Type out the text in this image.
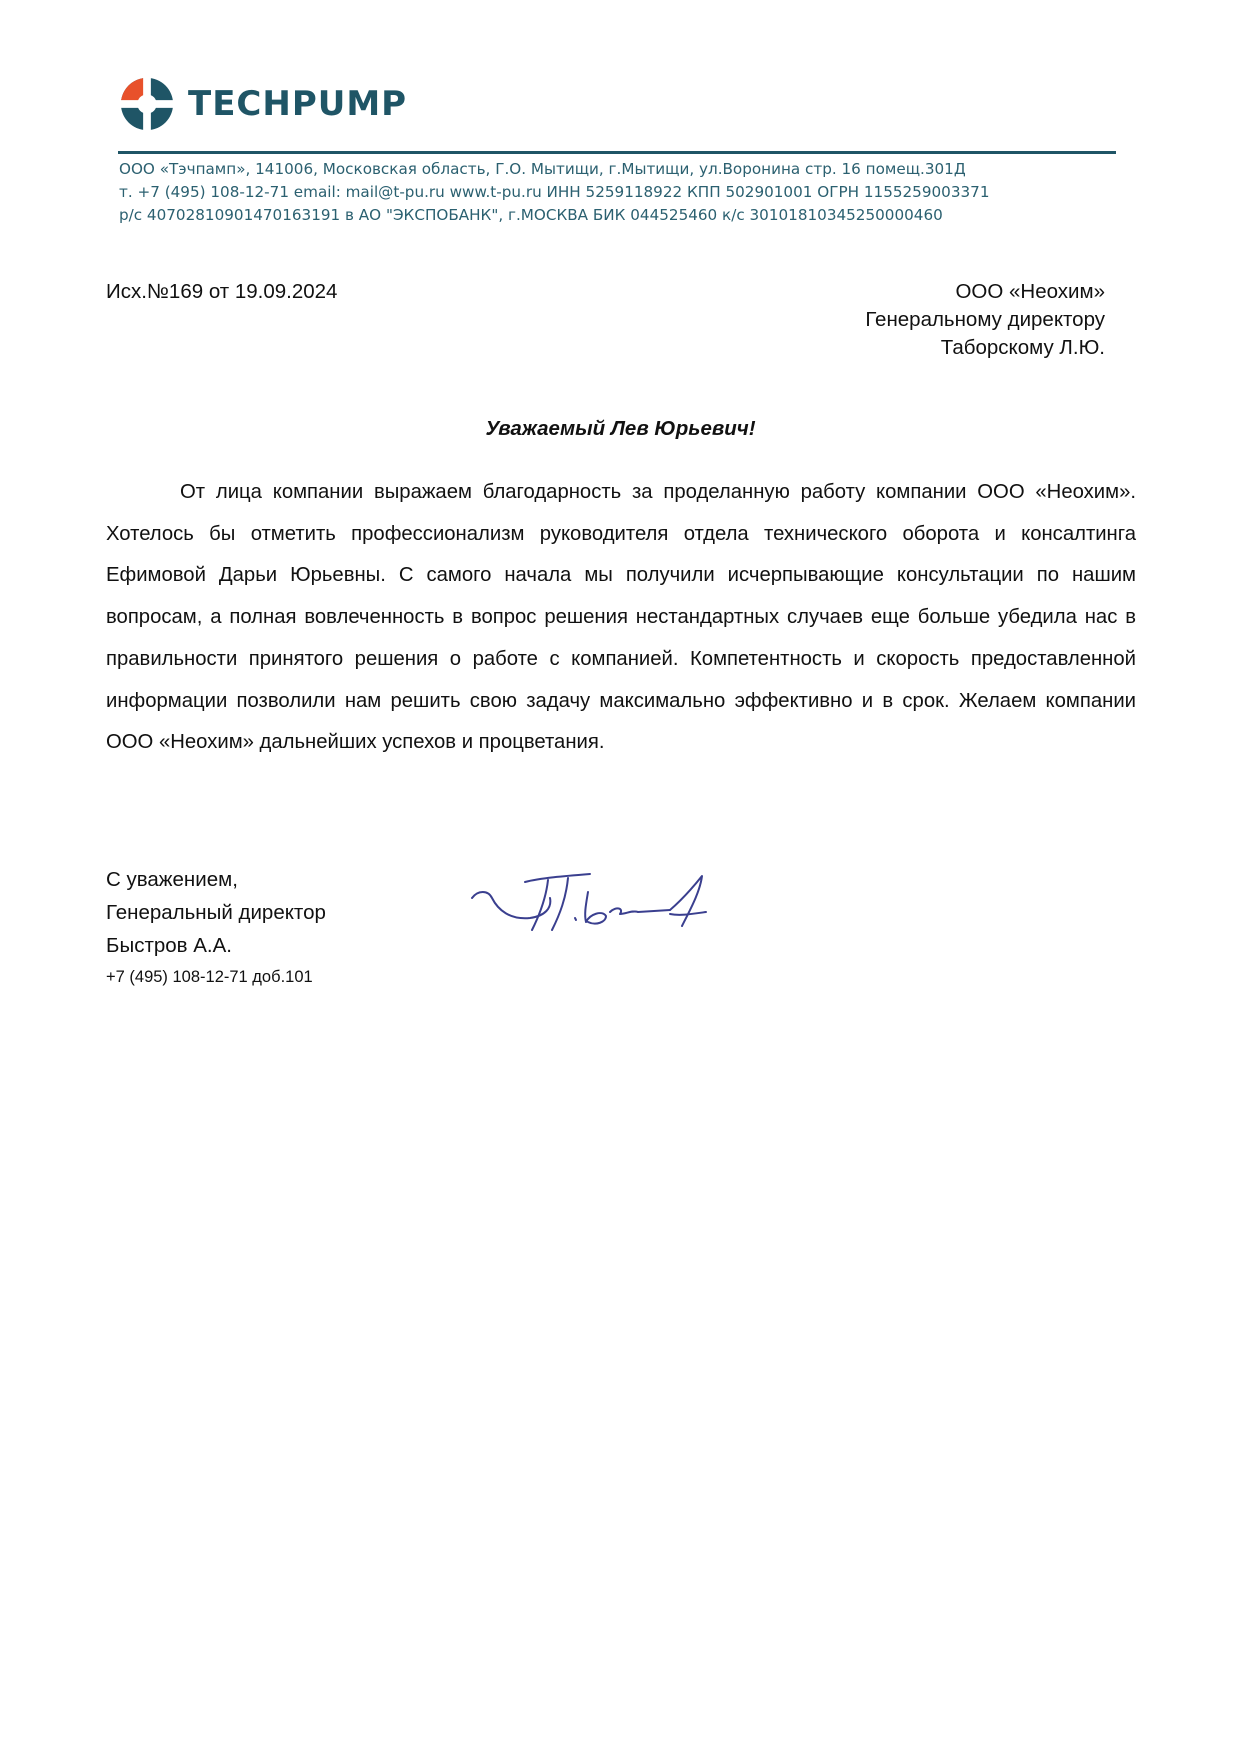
TECHPUMP
ООО «Тэчпамп», 141006, Московская область, Г.О. Мытищи, г.Мытищи, ул.Воронина стр. 16 помещ.301Д
т. +7 (495) 108-12-71 email: mail@t-pu.ru www.t-pu.ru ИНН 5259118922 КПП 502901001 ОГРН 1155259003371
р/с 40702810901470163191 в АО "ЭКСПОБАНК", г.МОСКВА БИК 044525460 к/с 30101810345250000460
Исх.№169 от 19.09.2024	ООО «Неохим»
Генеральному директору
Таборскому Л.Ю.
Уважаемый Лев Юрьевич!

От лица компании выражаем благодарность за проделанную работу компании ООО «Неохим». Хотелось бы отметить профессионализм руководителя отдела технического оборота и консалтинга Ефимовой Дарьи Юрьевны. С самого начала мы получили исчерпывающие консультации по нашим вопросам, а полная вовлеченность в вопрос решения нестандартных случаев еще больше убедила нас в правильности принятого решения о работе с компанией. Компетентность и скорость предоставленной информации позволили нам решить свою задачу максимально эффективно и в срок. Желаем компании ООО «Неохим» дальнейших успехов и процветания.

С уважением,
Генеральный директор
Быстров А.А.
+7 (495) 108-12-71 доб.101
